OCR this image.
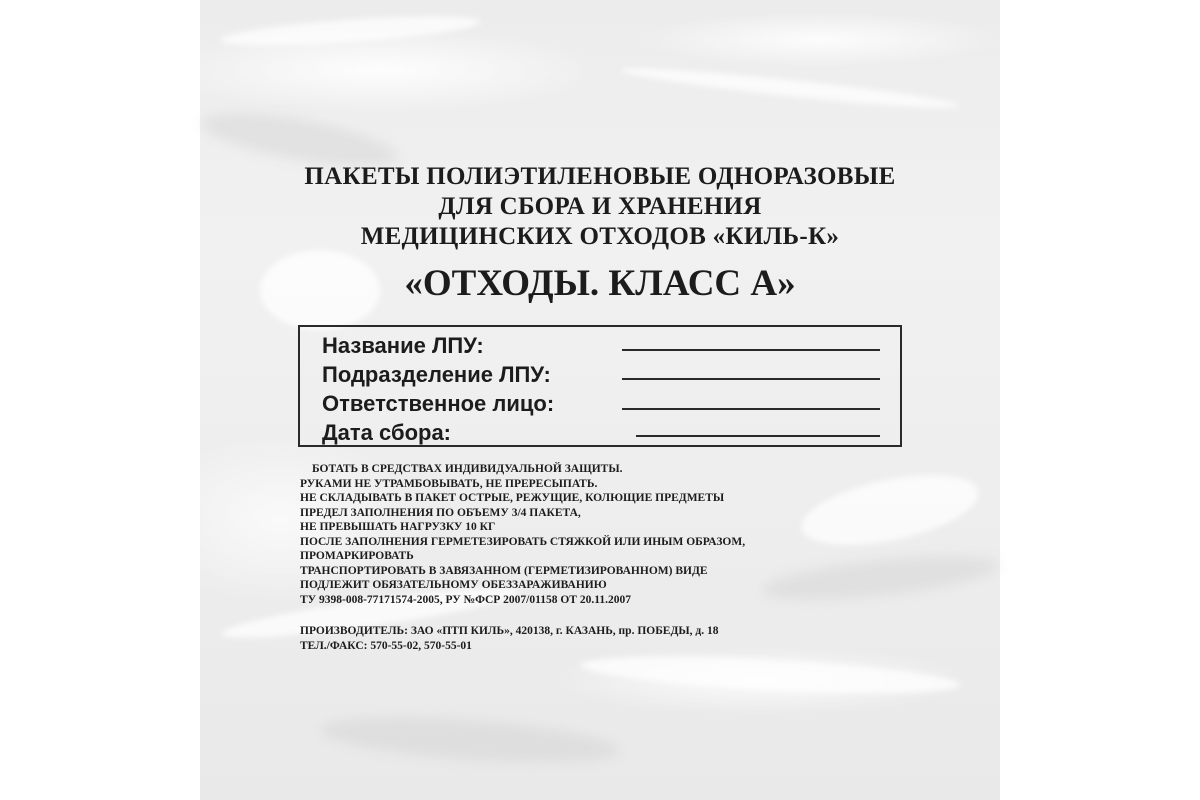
ПАКЕТЫ ПОЛИЭТИЛЕНОВЫЕ ОДНОРАЗОВЫЕ
ДЛЯ СБОРА И ХРАНЕНИЯ
МЕДИЦИНСКИХ ОТХОДОВ «КИЛЬ-К»
«ОТХОДЫ. КЛАСС А»
Название ЛПУ:
Подразделение ЛПУ:
Ответственное лицо:
Дата сбора:
БОТАТЬ В СРЕДСТВАХ ИНДИВИДУАЛЬНОЙ ЗАЩИТЫ.
РУКАМИ НЕ УТРАМБОВЫВАТЬ, НЕ ПРЕРЕСЫПАТЬ.
НЕ СКЛАДЫВАТЬ В ПАКЕТ ОСТРЫЕ, РЕЖУЩИЕ, КОЛЮЩИЕ ПРЕДМЕТЫ
ПРЕДЕЛ ЗАПОЛНЕНИЯ ПО ОБЪЕМУ 3/4 ПАКЕТА,
НЕ ПРЕВЫШАТЬ НАГРУЗКУ 10 КГ
ПОСЛЕ ЗАПОЛНЕНИЯ ГЕРМЕТЕЗИРОВАТЬ СТЯЖКОЙ ИЛИ ИНЫМ ОБРАЗОМ,
ПРОМАРКИРОВАТЬ
ТРАНСПОРТИРОВАТЬ В ЗАВЯЗАННОМ (ГЕРМЕТИЗИРОВАННОМ) ВИДЕ
ПОДЛЕЖИТ ОБЯЗАТЕЛЬНОМУ ОБЕЗЗАРАЖИВАНИЮ
ТУ 9398-008-77171574-2005, РУ №ФСР 2007/01158 ОТ 20.11.2007
ПРОИЗВОДИТЕЛЬ: ЗАО «ПТП КИЛЬ», 420138, г. КАЗАНЬ, пр. ПОБЕДЫ, д. 18
ТЕЛ./ФАКС: 570-55-02, 570-55-01
